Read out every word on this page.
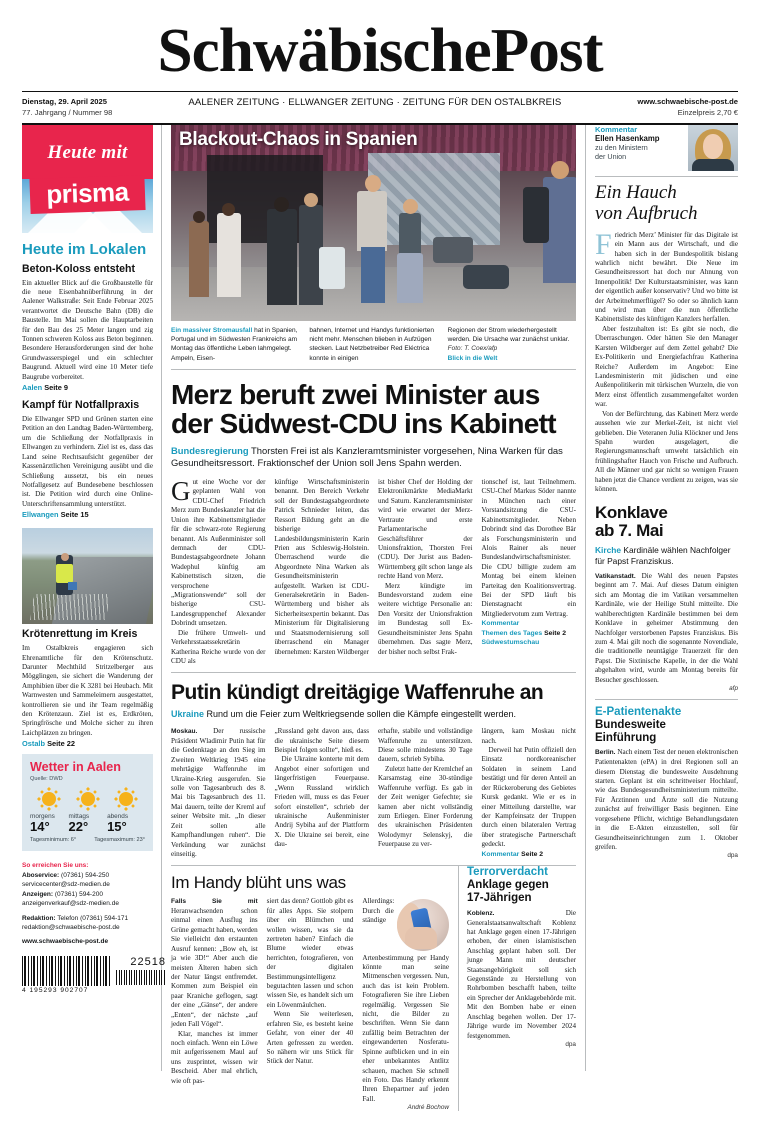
SchwäbischePost
Dienstag, 29. April 2025
77. Jahrgang / Nummer 98
AALENER ZEITUNG · ELLWANGER ZEITUNG · ZEITUNG FÜR DEN OSTALBKREIS	www.schwaebische-post.de
Einzelpreis 2,70 €
Heute mit
prisma
Heute im Lokalen
Beton-Koloss entsteht
Ein aktueller Blick auf die Großbaustelle für die neue Eisenbahnüberführung in der Aalener Walkstraße: Seit Ende Februar 2025 verantwortet die Deutsche Bahn (DB) die Baustelle. Im Mai sollen die Hauptarbeiten für den Bau des 25 Meter langen und zig Tonnen schweren Koloss aus Beton beginnen. Besondere Herausforderungen sind der hohe Grundwasserspiegel und ein schlechter Baugrund. Aktuell wird eine 10 Meter tiefe Baugrube vorbereitet.
Aalen Seite 9
Kampf für Notfallpraxis
Die Ellwanger SPD und Grünen starten eine Petition an den Landtag Baden-Württemberg, um die Schließung der Notfallpraxis in Ellwangen zu verhindern. Ziel ist es, dass das Land seine Rechtsaufsicht gegenüber der Kassenärztlichen Vereinigung ausübt und die Schließung aussetzt, bis ein neues Notfallgesetz auf Bundesebene beschlossen ist. Die Petition wird durch eine Online-Unterschriftensammlung unterstützt.
Ellwangen Seite 15
Krötenrettung im Kreis
Im Ostalbkreis engagieren sich Ehrenamtliche für den Krötenschutz. Darunter Mechthild Stritzelberger aus Mögglingen, sie sichert die Wanderung der Amphibien über die K 3281 bei Heubach. Mit Warnwesten und Sammeleimern ausgestattet, kontrollieren sie und ihr Team regelmäßig den Krötenzaun. Ziel ist es, Erdkröten, Springfrösche und Molche sicher zu ihren Laichplätzen zu bringen.
Ostalb Seite 22
Wetter in Aalen
Quelle: DWD
morgens
14°
mittags
22°
abends
15°
Tagesminimum: 6°	Tagesmaximum: 23°
So erreichen Sie uns:
Aboservice: (07361) 594-250
servicecenter@sdz-medien.de
Anzeigen: (07361) 594-200
anzeigenverkauf@sdz-medien.de
Redaktion: Telefon (07361) 594-171
redaktion@schwaebische-post.de
www.schwaebische-post.de
4 195293 902707
22518
Blackout-Chaos in Spanien
Ein massiver Stromausfall hat in Spanien, Portugal und im Südwesten Frankreichs am Montag das öffentliche Leben lahmgelegt. Ampeln, Eisen-
bahnen, Internet und Handys funktionierten nicht mehr. Menschen blieben in Aufzügen stecken. Laut Netzbetreiber Red Eléctrica konnte in einigen
Regionen der Strom wiederhergestellt werden. Die Ursache war zunächst unklar. Foto: T. Coex/afp
Blick in die Welt
Merz beruft zwei Minister aus
der Südwest-CDU ins Kabinett
Bundesregierung Thorsten Frei ist als Kanzleramtsminister vorgesehen, Nina Warken für das Gesundheitsressort. Fraktionschef der Union soll Jens Spahn werden.
Gut eine Woche vor der geplanten Wahl von CDU-Chef Friedrich Merz zum Bundeskanzler hat die Union ihre Kabinettsmitglieder für die schwarz-rote Regierung benannt. Als Außenminister soll demnach der CDU-Bundestagsabgeordnete Johann Wadephul künftig am Kabinettstisch sitzen, die versprochene „Migrationswende“ soll der bisherige CSU-Landesgruppenchef Alexander Dobrindt umsetzen.
Die frühere Umwelt- und Verkehrsstaatssekretärin Katherina Reiche wurde von der CDU als
künftige Wirtschaftsministerin benannt. Den Bereich Verkehr soll der Bundestagsabgeordnete Patrick Schnieder leiten, das Ressort Bildung geht an die bisherige Landesbildungsministerin Karin Prien aus Schleswig-Holstein. Überraschend wurde die Abgeordnete Nina Warken als Gesundheitsministerin aufgestellt. Warken ist CDU-Generalsekretärin in Baden-Württemberg und bisher als Sicherheitsexpertin bekannt. Das Ministerium für Digitalisierung und Staatsmodernisierung soll überraschend ein Manager übernehmen: Karsten Wildberger
ist bisher Chef der Holding der Elektronikmärkte MediaMarkt und Saturn. Kanzleramtsminister wird wie erwartet der Merz-Vertraute und erste Parlamentarische Geschäftsführer der Unionsfraktion, Thorsten Frei (CDU). Der Jurist aus Baden-Württemberg gilt schon lange als rechte Hand von Merz.
Merz kündigte im Bundesvorstand zudem eine weitere wichtige Personalie an: Den Vorsitz der Unionsfraktion im Bundestag soll Ex-Gesundheitsminister Jens Spahn übernehmen. Das sagte Merz, der bisher noch selbst Frak-
tionschef ist, laut Teilnehmern. CSU-Chef Markus Söder nannte in München nach einer Vorstandsitzung die CSU-Kabinettsmitglieder. Neben Dobrindt sind das Dorothee Bär als Forschungsministerin und Alois Rainer als neuer Bundeslandwirtschaftsminister. Die CDU billigte zudem am Montag bei einem kleinen Parteitag den Koalitionsvertrag. Bei der SPD läuft bis Dienstagnacht ein Mitgliedervotum zum Vertrag.
Kommentar
Themen des Tages Seite 2
Südwestumschau
Putin kündigt dreitägige Waffenruhe an
Ukraine Rund um die Feier zum Weltkriegsende sollen die Kämpfe eingestellt werden.
Moskau. Der russische Präsident Wladimir Putin hat für die Gedenktage an den Sieg im Zweiten Weltkrieg 1945 eine mehrtägige Waffenruhe im Ukraine-Krieg ausgerufen. Sie solle von Tagesanbruch des 8. Mai bis Tagesanbruch des 11. Mai dauern, teilte der Kreml auf seiner Website mit. „In dieser Zeit sollen alle Kampfhandlungen ruhen“. Die Verkündung war zunächst einseitig.
„Russland geht davon aus, dass die ukrainische Seite diesem Beispiel folgen sollte“, hieß es.
Die Ukraine konterte mit dem Angebot einer sofortigen und längerfristigen Feuerpause. „Wenn Russland wirklich Frieden will, muss es das Feuer sofort einstellen“, schrieb der ukrainische Außenminister Andrij Sybiha auf der Plattform X. Die Ukraine sei bereit, eine dau-
erhafte, stabile und vollständige Waffenruhe zu unterstützen. Diese solle mindestens 30 Tage dauern, schrieb Sybiha.
Zuletzt hatte der Kremlchef an Karsamstag eine 30-stündige Waffenruhe verfügt. Es gab in der Zeit weniger Gefechte; sie kamen aber nicht vollständig zum Erliegen. Einer Forderung des ukrainischen Präsidenten Wolodymyr Selenskyj, die Feuerpause zu ver-
längern, kam Moskau nicht nach.
Derweil hat Putin offiziell den Einsatz nordkoreanischer Soldaten in seinem Land bestätigt und für deren Anteil an der Rückeroberung des Gebietes Kursk gedankt. Wie er es in einer Mitteilung darstellte, war der Kampfeinsatz der Truppen durch einen bilateralen Vertrag über strategische Partnerschaft gedeckt.
Kommentar Seite 2
Im Handy blüht uns was
Falls Sie mit Heranwachsenden schon einmal einen Ausflug ins Grüne gemacht haben, werden Sie vielleicht den erstaunten Ausruf kennen: „Bow eh, ist ja wie 3D!“ Aber auch die meisten Älteren haben sich der Natur längst entfremdet. Kommen zum Beispiel ein paar Kraniche geflogen, sagt der eine „Gänse“, der andere „Enten“, der nächste „auf jeden Fall Vögel“.
Klar, manches ist immer noch einfach. Wenn ein Löwe mit aufgerissenem Maul auf uns zusprintet, wissen wir Bescheid. Aber mal ehrlich, wie oft pas-
siert das denn? Gottlob gibt es für alles Apps. Sie stolpern über ein Blümchen und wollen wissen, was sie da zertreten haben? Einfach die Blume wieder etwas herrichten, fotografieren, von der digitalen Bestimmungsintelligenz begutachten lassen und schon wissen Sie, es handelt sich um ein Löwenmäulchen.
Wenn Sie weiterlesen, erfahren Sie, es besteht keine Gefahr, von einer der 40 Arten gefressen zu werden. So nähern wir uns Stück für Stück der Natur.
Allerdings: Durch die ständige Artenbestimmung per Handy könnte man seine Mitmenschen vergessen. Nun, auch das ist kein Problem. Fotografieren Sie ihre Lieben regelmäßig. Vergessen Sie nicht, die Bilder zu beschriften. Wenn Sie dann zufällig beim Betrachten der eingewanderten Nosferatu-Spinne aufblicken und in ein eher unbekanntes Antlitz schauen, machen Sie schnell ein Foto. Das Handy erkennt Ihren Ehepartner auf jeden Fall.
André Bochow
Terrorverdacht
Anklage gegen
17-Jährigen
Koblenz. Die Generalstaatsanwaltschaft Koblenz hat Anklage gegen einen 17-Jährigen erhoben, der einen islamistischen Anschlag geplant haben soll. Der junge Mann mit deutscher Staatsangehörigkeit soll sich Gegenstände zu Herstellung von Rohrbomben beschafft haben, teilte ein Sprecher der Anklagebehörde mit. Mit den Bomben habe er einen Anschlag begehen wollen. Der 17-Jährige wurde im November 2024 festgenommen.
dpa
Kommentar
Ellen Hasenkamp
zu den Ministern
der Union
Ein Hauch
von Aufbruch
Friedrich Merz’ Minister für das Digitale ist ein Mann aus der Wirtschaft, und die haben sich in der Bundespolitik bislang wahrlich nicht bewährt. Die Neue im Gesundheitsressort hat doch nur Ahnung von Innenpolitik! Der Kulturstaatsminister, was kann der eigentlich außer konservativ? Und wo bitte ist der Arbeitnehmerflügel? So oder so ähnlich kann und wird man über die nun öffentliche Kabinettsliste des künftigen Kanzlers herfallen.
Aber festzuhalten ist: Es gibt sie noch, die Überraschungen. Oder hätten Sie den Manager Karsten Wildberger auf dem Zettel gehabt? Die Ex-Politikerin und Energiefachfrau Katherina Reiche? Außerdem im Angebot: Eine Landesministerin mit jüdischen und eine Außenpolitikerin mit türkischen Wurzeln, die von Merz einst öffentlich zusammengefaltet worden war.
Von der Befürchtung, das Kabinett Merz werde aussehen wie zur Merkel-Zeit, ist nicht viel geblieben. Die Veteranen Julia Klöckner und Jens Spahn wurden ausgelagert, die Regierungsmannschaft umweht tatsächlich ein frühlingshafter Hauch von Frische und Aufbruch. All die Männer und gar nicht so wenigen Frauen haben jetzt die Chance verdient zu zeigen, was sie können.
Konklave
ab 7. Mai
Kirche Kardinäle wählen Nachfolger für Papst Franziskus.
Vatikanstadt. Die Wahl des neuen Papstes beginnt am 7. Mai. Auf dieses Datum einigten sich am Montag die im Vatikan versammelten Kardinäle, wie der Heilige Stuhl mitteilte. Die wahlberechtigten Kardinäle bestimmen bei dem Konklave in geheimer Abstimmung den Nachfolger verstorbenen Papstes Franziskus. Bis zum 4. Mai gilt noch die sogenannte Novendiale, die traditionelle neuntägige Trauerzeit für den Papst. Die Sixtinische Kapelle, in der die Wahl abgehalten wird, wurde am Montag bereits für Besucher geschlossen.
afp
E-Patientenakte
Bundesweite
Einführung
Berlin. Nach einem Test der neuen elektronischen Patientenakten (ePA) in drei Regionen soll an diesem Dienstag die bundesweite Ausdehnung starten. Geplant ist ein schrittweiser Hochlauf, wie das Bundesgesundheitsministerium mitteilte. Für Ärztinnen und Ärzte soll die Nutzung zunächst auf freiwilliger Basis beginnen. Eine vorgesehene Pflicht, wichtige Behandlungsdaten in die E-Akten einzustellen, soll für Gesundheitseinrichtungen zum 1. Oktober greifen.
dpa
